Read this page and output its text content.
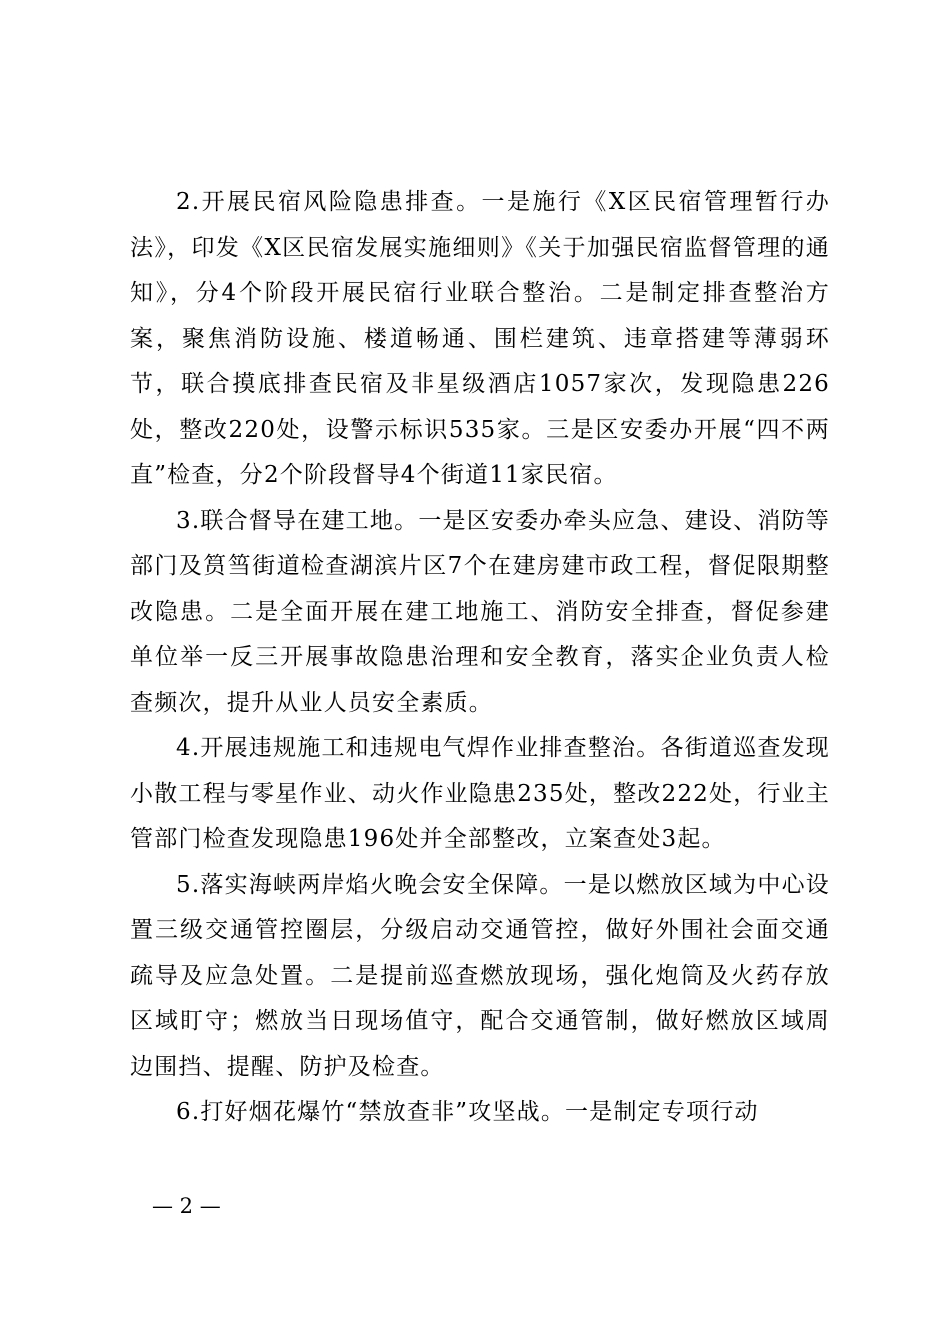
2.开展民宿风险隐患排查。一是施行《X区民宿管理暂行办法》，印发《X区民宿发展实施细则》《关于加强民宿监督管理的通知》，分4个阶段开展民宿行业联合整治。二是制定排查整治方案，聚焦消防设施、楼道畅通、围栏建筑、违章搭建等薄弱环节，联合摸底排查民宿及非星级酒店1057家次，发现隐患226处，整改220处，设警示标识535家。三是区安委办开展“四不两直”检查，分2个阶段督导4个街道11家民宿。

3.联合督导在建工地。一是区安委办牵头应急、建设、消防等部门及筼筜街道检查湖滨片区7个在建房建市政工程，督促限期整改隐患。二是全面开展在建工地施工、消防安全排查，督促参建单位举一反三开展事故隐患治理和安全教育，落实企业负责人检查频次，提升从业人员安全素质。

4.开展违规施工和违规电气焊作业排查整治。各街道巡查发现小散工程与零星作业、动火作业隐患235处，整改222处，行业主管部门检查发现隐患196处并全部整改，立案查处3起。

5.落实海峡两岸焰火晚会安全保障。一是以燃放区域为中心设置三级交通管控圈层，分级启动交通管控，做好外围社会面交通疏导及应急处置。二是提前巡查燃放现场，强化炮筒及火药存放区域盯守；燃放当日现场值守，配合交通管制，做好燃放区域周边围挡、提醒、防护及检查。

6.打好烟花爆竹“禁放查非”攻坚战。一是制定专项行动

— 2 —
